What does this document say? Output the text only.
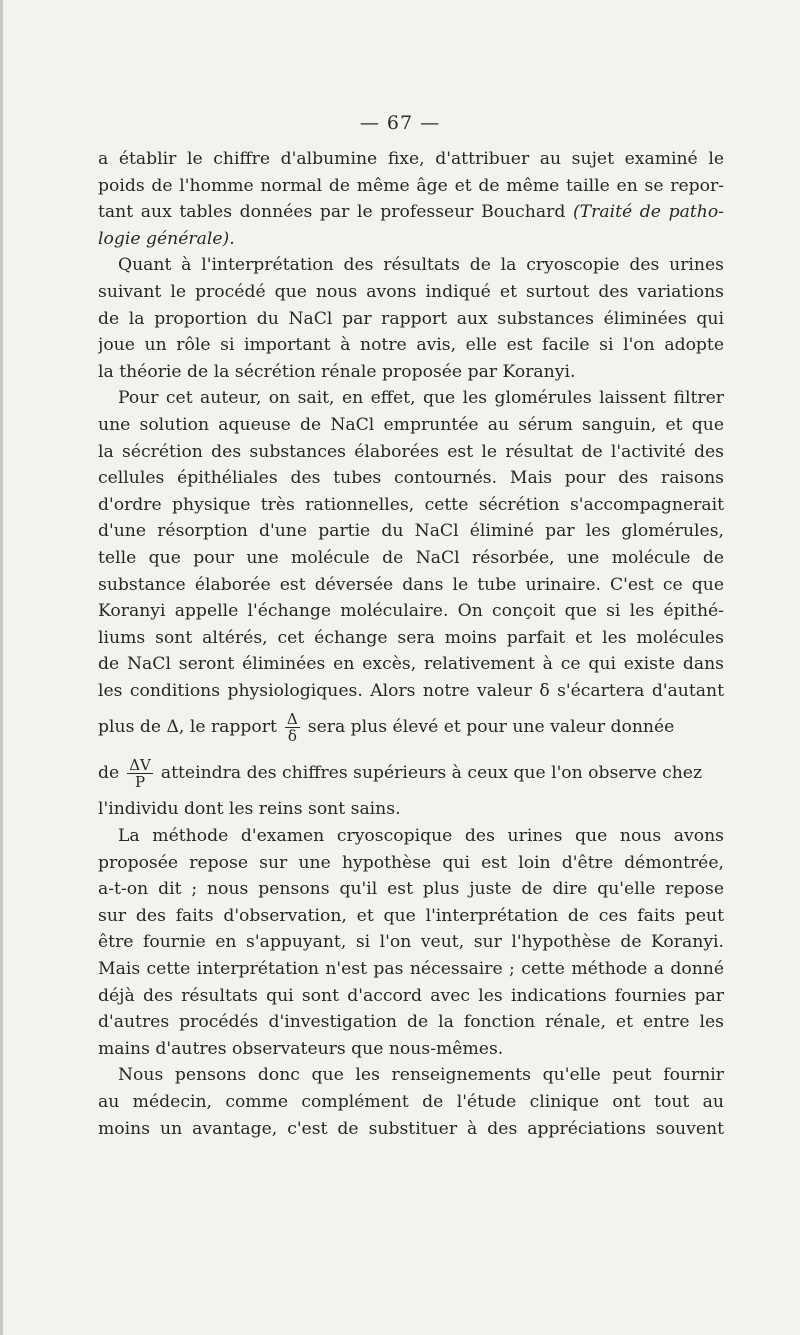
— 67 —
a établir le chiffre d'albumine fixe, d'attribuer au sujet examiné le
poids de l'homme normal de même âge et de même taille en se repor-
tant aux tables données par le professeur Bouchard (Traité de patho-
logie générale).
Quant à l'interprétation des résultats de la cryoscopie des urines
suivant le procédé que nous avons indiqué et surtout des variations
de la proportion du NaCl par rapport aux substances éliminées qui
joue un rôle si important à notre avis, elle est facile si l'on adopte
la théorie de la sécrétion rénale proposée par Koranyi.
Pour cet auteur, on sait, en effet, que les glomérules laissent filtrer
une solution aqueuse de NaCl empruntée au sérum sanguin, et que
la sécrétion des substances élaborées est le résultat de l'activité des
cellules épithéliales des tubes contournés. Mais pour des raisons
d'ordre physique très rationnelles, cette sécrétion s'accompagnerait
d'une résorption d'une partie du NaCl éliminé par les glomérules,
telle que pour une molécule de NaCl résorbée, une molécule de
substance élaborée est déversée dans le tube urinaire. C'est ce que
Koranyi appelle l'échange moléculaire. On conçoit que si les épithé-
liums sont altérés, cet échange sera moins parfait et les molécules
de NaCl seront éliminées en excès, relativement à ce qui existe dans
les conditions physiologiques. Alors notre valeur δ s'écartera d'autant
plus de Δ, le rapport $\frac{\Delta}{\delta}$ sera plus élevé et pour une valeur donnée
de $\frac{\Delta V}{P}$ atteindra des chiffres supérieurs à ceux que l'on observe chez
l'individu dont les reins sont sains.
La méthode d'examen cryoscopique des urines que nous avons
proposée repose sur une hypothèse qui est loin d'être démontrée,
a-t-on dit ; nous pensons qu'il est plus juste de dire qu'elle repose
sur des faits d'observation, et que l'interprétation de ces faits peut
être fournie en s'appuyant, si l'on veut, sur l'hypothèse de Koranyi.
Mais cette interprétation n'est pas nécessaire ; cette méthode a donné
déjà des résultats qui sont d'accord avec les indications fournies par
d'autres procédés d'investigation de la fonction rénale, et entre les
mains d'autres observateurs que nous-mêmes.
Nous pensons donc que les renseignements qu'elle peut fournir
au médecin, comme complément de l'étude clinique ont tout au
moins un avantage, c'est de substituer à des appréciations souvent
